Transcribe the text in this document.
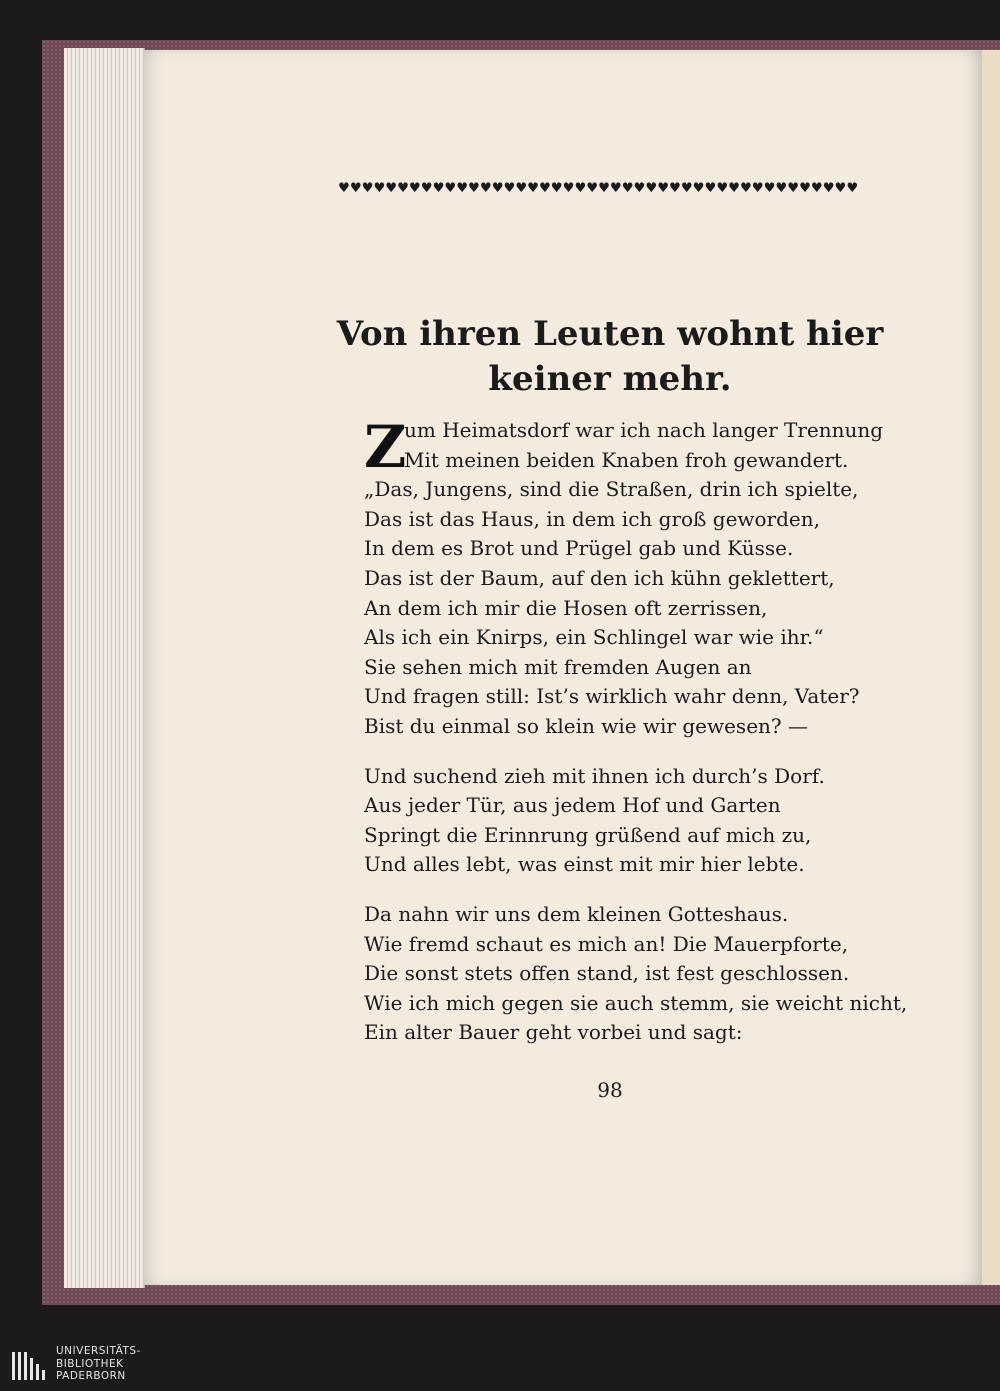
♥♥♥♥♥♥♥♥♥♥♥♥♥♥♥♥♥♥♥♥♥♥♥♥♥♥♥♥♥♥♥♥♥♥♥♥♥♥♥♥♥♥♥♥
Von ihren Leuten wohnt hier
keiner mehr.
Z
um Heimatsdorf war ich nach langer Trennung
Mit meinen beiden Knaben froh gewandert.
„Das, Jungens, sind die Straßen, drin ich spielte,
Das ist das Haus, in dem ich groß geworden,
In dem es Brot und Prügel gab und Küsse.
Das ist der Baum, auf den ich kühn geklettert,
An dem ich mir die Hosen oft zerrissen,
Als ich ein Knirps, ein Schlingel war wie ihr.“
Sie sehen mich mit fremden Augen an
Und fragen still: Ist’s wirklich wahr denn, Vater?
Bist du einmal so klein wie wir gewesen? —
Und suchend zieh mit ihnen ich durch’s Dorf.
Aus jeder Tür, aus jedem Hof und Garten
Springt die Erinnrung grüßend auf mich zu,
Und alles lebt, was einst mit mir hier lebte.
Da nahn wir uns dem kleinen Gotteshaus.
Wie fremd schaut es mich an! Die Mauerpforte,
Die sonst stets offen stand, ist fest geschlossen.
Wie ich mich gegen sie auch stemm, sie weicht nicht,
Ein alter Bauer geht vorbei und sagt:
98
UNIVERSITÄTS-
BIBLIOTHEK
PADERBORN
